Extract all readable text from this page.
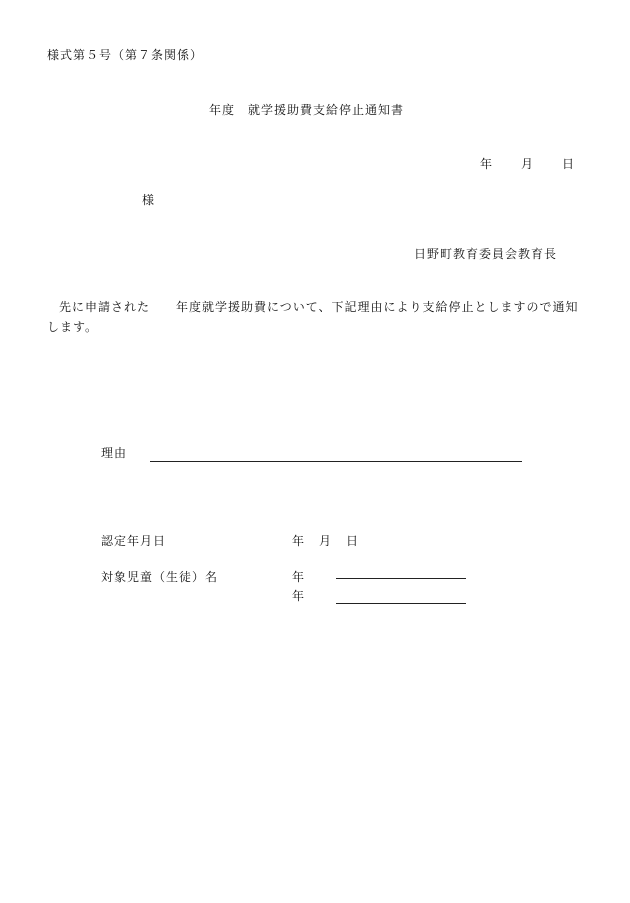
様式第５号（第７条関係）
年度　就学援助費支給停止通知書
年 月 日
様
日野町教育委員会教育長
先に申請された　　年度就学援助費について、下記理由により支給停止としますので通知します。
理由
認定年月日	年 月 日
対象児童（生徒）名	年
年
